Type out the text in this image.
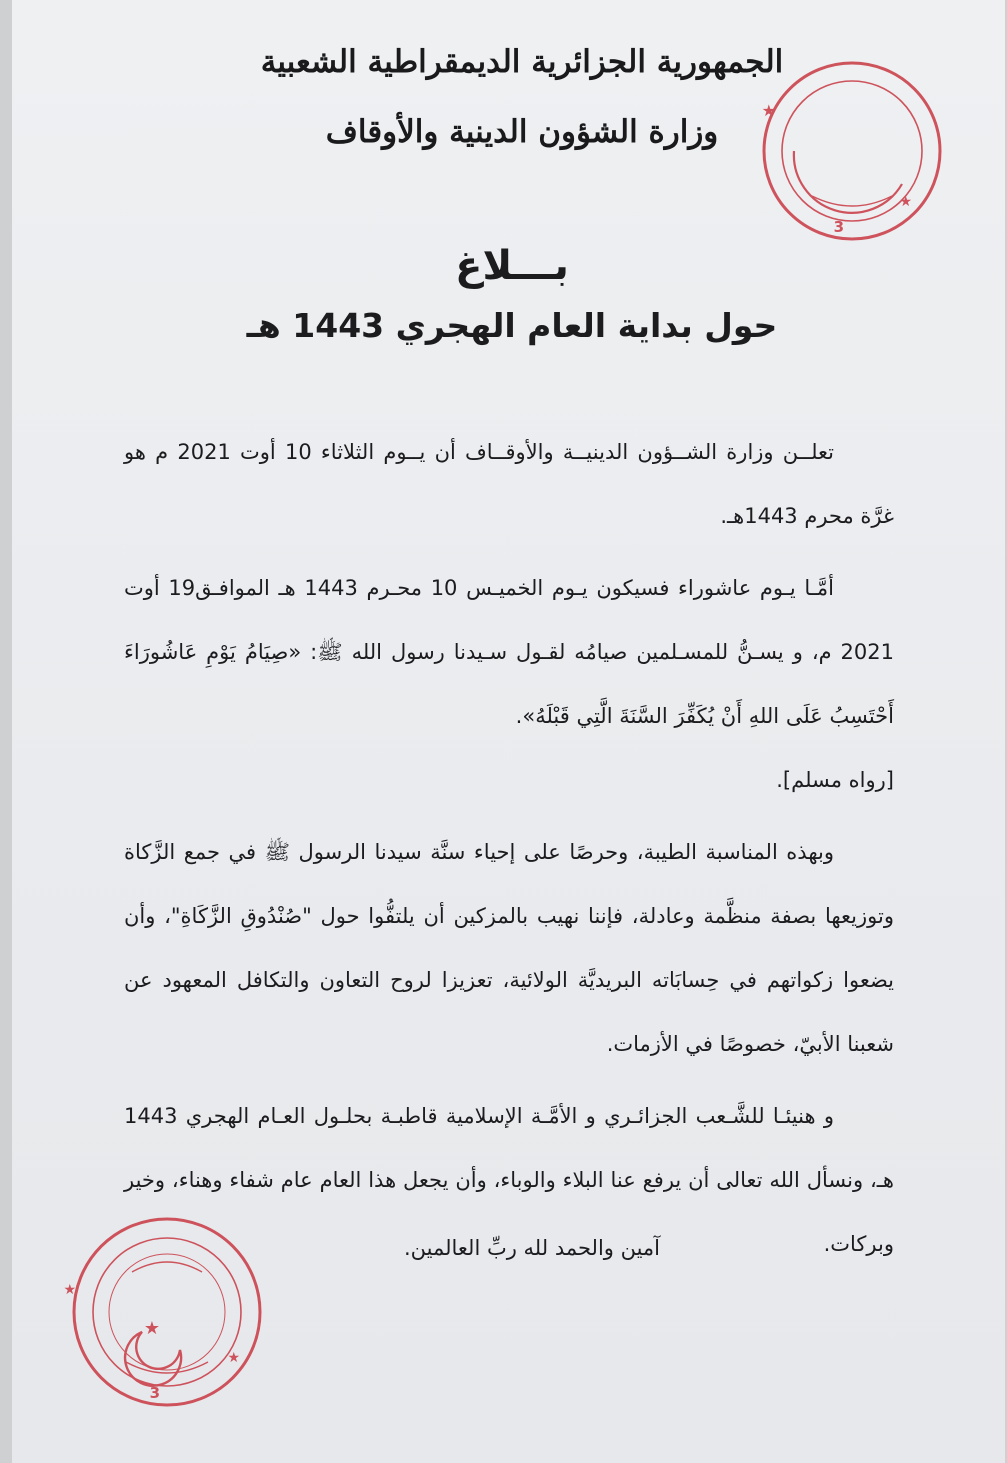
الجمهورية الجزائرية الديمقراطية الشعبية
وزارة الشؤون الدينية والأوقاف
★
★
3
بـــلاغ
حول بداية العام الهجري 1443 هـ

تعلــن وزارة الشــؤون الدينيــة والأوقــاف أن يــوم الثلاثاء 10 أوت 2021 م هو غرَّة محرم 1443هـ.

أمَّـا يـوم عاشوراء فسيكون يـوم الخميـس 10 محـرم 1443 هـ الموافـق19 أوت 2021 م، و يسـنُّ للمسـلمين صيامُه لقـول سـيدنا رسول الله ﷺ: «صِيَامُ يَوْمِ عَاشُورَاءَ أَحْتَسِبُ عَلَى اللهِ أَنْ يُكَفِّرَ السَّنَةَ الَّتِي قَبْلَهُ».

[رواه مسلم].

وبهذه المناسبة الطيبة، وحرصًا على إحياء سنَّة سيدنا الرسول ﷺ في جمع الزَّكاة وتوزيعها بصفة منظَّمة وعادلة، فإننا نهيب بالمزكين أن يلتفُّوا حول "صُنْدُوقِ الزَّكَاةِ"، وأن يضعوا زكواتهم في حِسابَاته البريديَّة الولائية، تعزيزا لروح التعاون والتكافل المعهود عن شعبنا الأبيّ، خصوصًا في الأزمات.

و هنيئـا للشَّـعب الجزائـري و الأمَّـة الإسلامية قاطبـة بحلـول العـام الهجري 1443 هـ، ونسأل الله تعالى أن يرفع عنا البلاء والوباء، وأن يجعل هذا العام عام شفاء وهناء، وخير وبركات.

آمين والحمد لله ربِّ العالمين.
★
★
★
3
